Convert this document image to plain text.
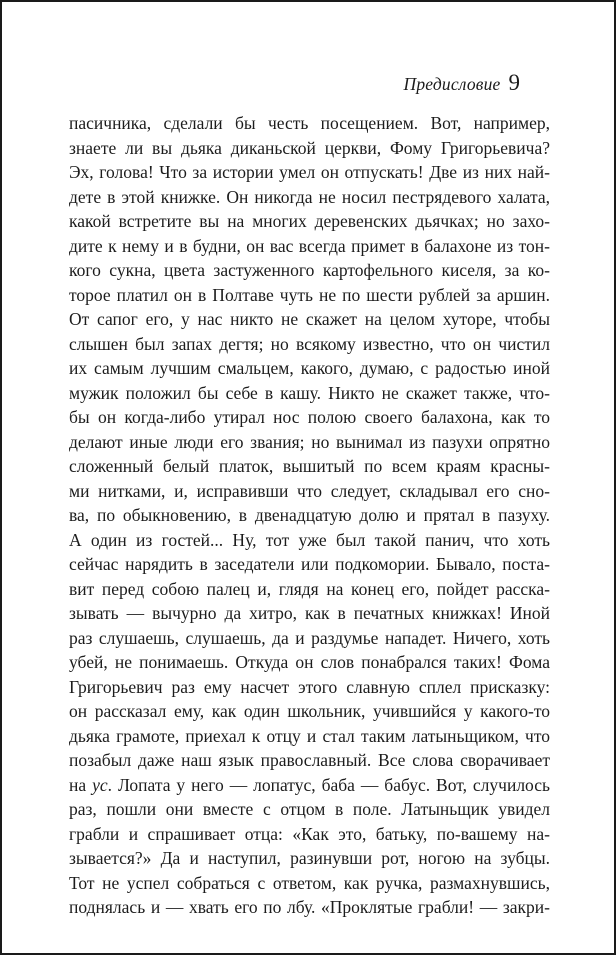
Предисловие 9
пасичника, сделали бы честь посещением. Вот, например,
знаете ли вы дьяка диканьской церкви, Фому Григорьевича?
Эх, голова! Что за истории умел он отпускать! Две из них най-
дете в этой книжке. Он никогда не носил пестрядевого халата,
какой встретите вы на многих деревенских дьячках; но захо-
дите к нему и в будни, он вас всегда примет в балахоне из тон-
кого сукна, цвета застуженного картофельного киселя, за ко-
торое платил он в Полтаве чуть не по шести рублей за аршин.
От сапог его, у нас никто не скажет на целом хуторе, чтобы
слышен был запах дегтя; но всякому известно, что он чистил
их самым лучшим смальцем, какого, думаю, с радостью иной
мужик положил бы себе в кашу. Никто не скажет также, что-
бы он когда-либо утирал нос полою своего балахона, как то
делают иные люди его звания; но вынимал из пазухи опрятно
сложенный белый платок, вышитый по всем краям красны-
ми нитками, и, исправивши что следует, складывал его сно-
ва, по обыкновению, в двенадцатую долю и прятал в пазуху.
А один из гостей... Ну, тот уже был такой панич, что хоть
сейчас нарядить в заседатели или подкомории. Бывало, поста-
вит перед собою палец и, глядя на конец его, пойдет расска-
зывать — вычурно да хитро, как в печатных книжках! Иной
раз слушаешь, слушаешь, да и раздумье нападет. Ничего, хоть
убей, не понимаешь. Откуда он слов понабрался таких! Фома
Григорьевич раз ему насчет этого славную сплел присказку:
он рассказал ему, как один школьник, учившийся у какого-то
дьяка грамоте, приехал к отцу и стал таким латыньщиком, что
позабыл даже наш язык православный. Все слова сворачивает
на ус. Лопата у него — лопатус, баба — бабус. Вот, случилось
раз, пошли они вместе с отцом в поле. Латыньщик увидел
грабли и спрашивает отца: «Как это, батьку, по-вашему на-
зывается?» Да и наступил, разинувши рот, ногою на зубцы.
Тот не успел собраться с ответом, как ручка, размахнувшись,
поднялась и — хвать его по лбу. «Проклятые грабли! — закри-
